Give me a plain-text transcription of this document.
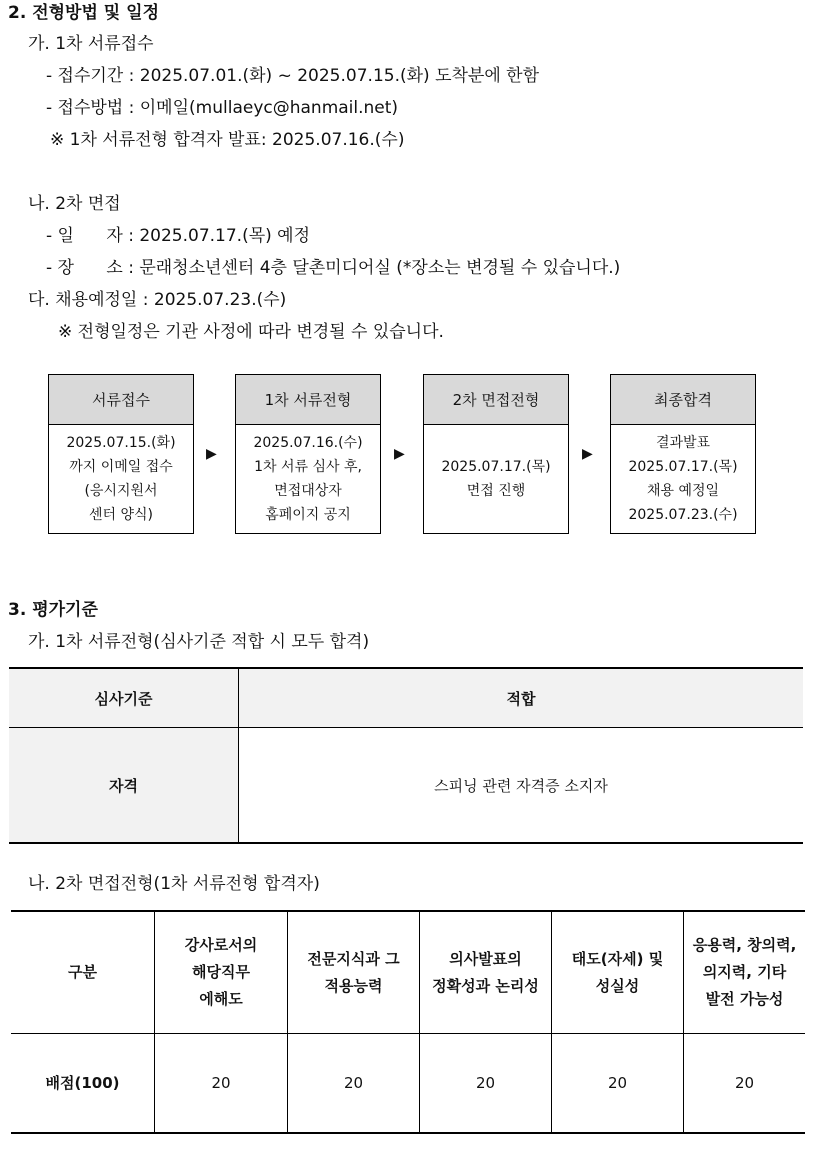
2. 전형방법 및 일정
가. 1차 서류접수
- 접수기간 : 2025.07.01.(화) ~ 2025.07.15.(화) 도착분에 한함
- 접수방법 : 이메일(mullaeyc@hanmail.net)
※ 1차 서류전형 합격자 발표: 2025.07.16.(수)
나. 2차 면접
- 일      자 : 2025.07.17.(목) 예정
- 장      소 : 문래청소년센터 4층 달촌미디어실 (*장소는 변경될 수 있습니다.)
다. 채용예정일 : 2025.07.23.(수)
※ 전형일정은 기관 사정에 따라 변경될 수 있습니다.
서류접수
2025.07.15.(화)
까지 이메일 접수
(응시지원서
센터 양식)
▶
1차 서류전형
2025.07.16.(수)
1차 서류 심사 후,
면접대상자
홈페이지 공지
▶
2차 면접전형
2025.07.17.(목)
면접 진행
▶
최종합격
결과발표
2025.07.17.(목)
채용 예정일
2025.07.23.(수)
3. 평가기준
가. 1차 서류전형(심사기준 적합 시 모두 합격)
심사기준	적합
자격	스피닝 관련 자격증 소지자
나. 2차 면접전형(1차 서류전형 합격자)
구분	강사로서의
해당직무
에해도	전문지식과 그
적용능력	의사발표의
정확성과 논리성	태도(자세) 및
성실성	응용력, 창의력,
의지력, 기타
발전 가능성
배점(100)	20	20	20	20	20
